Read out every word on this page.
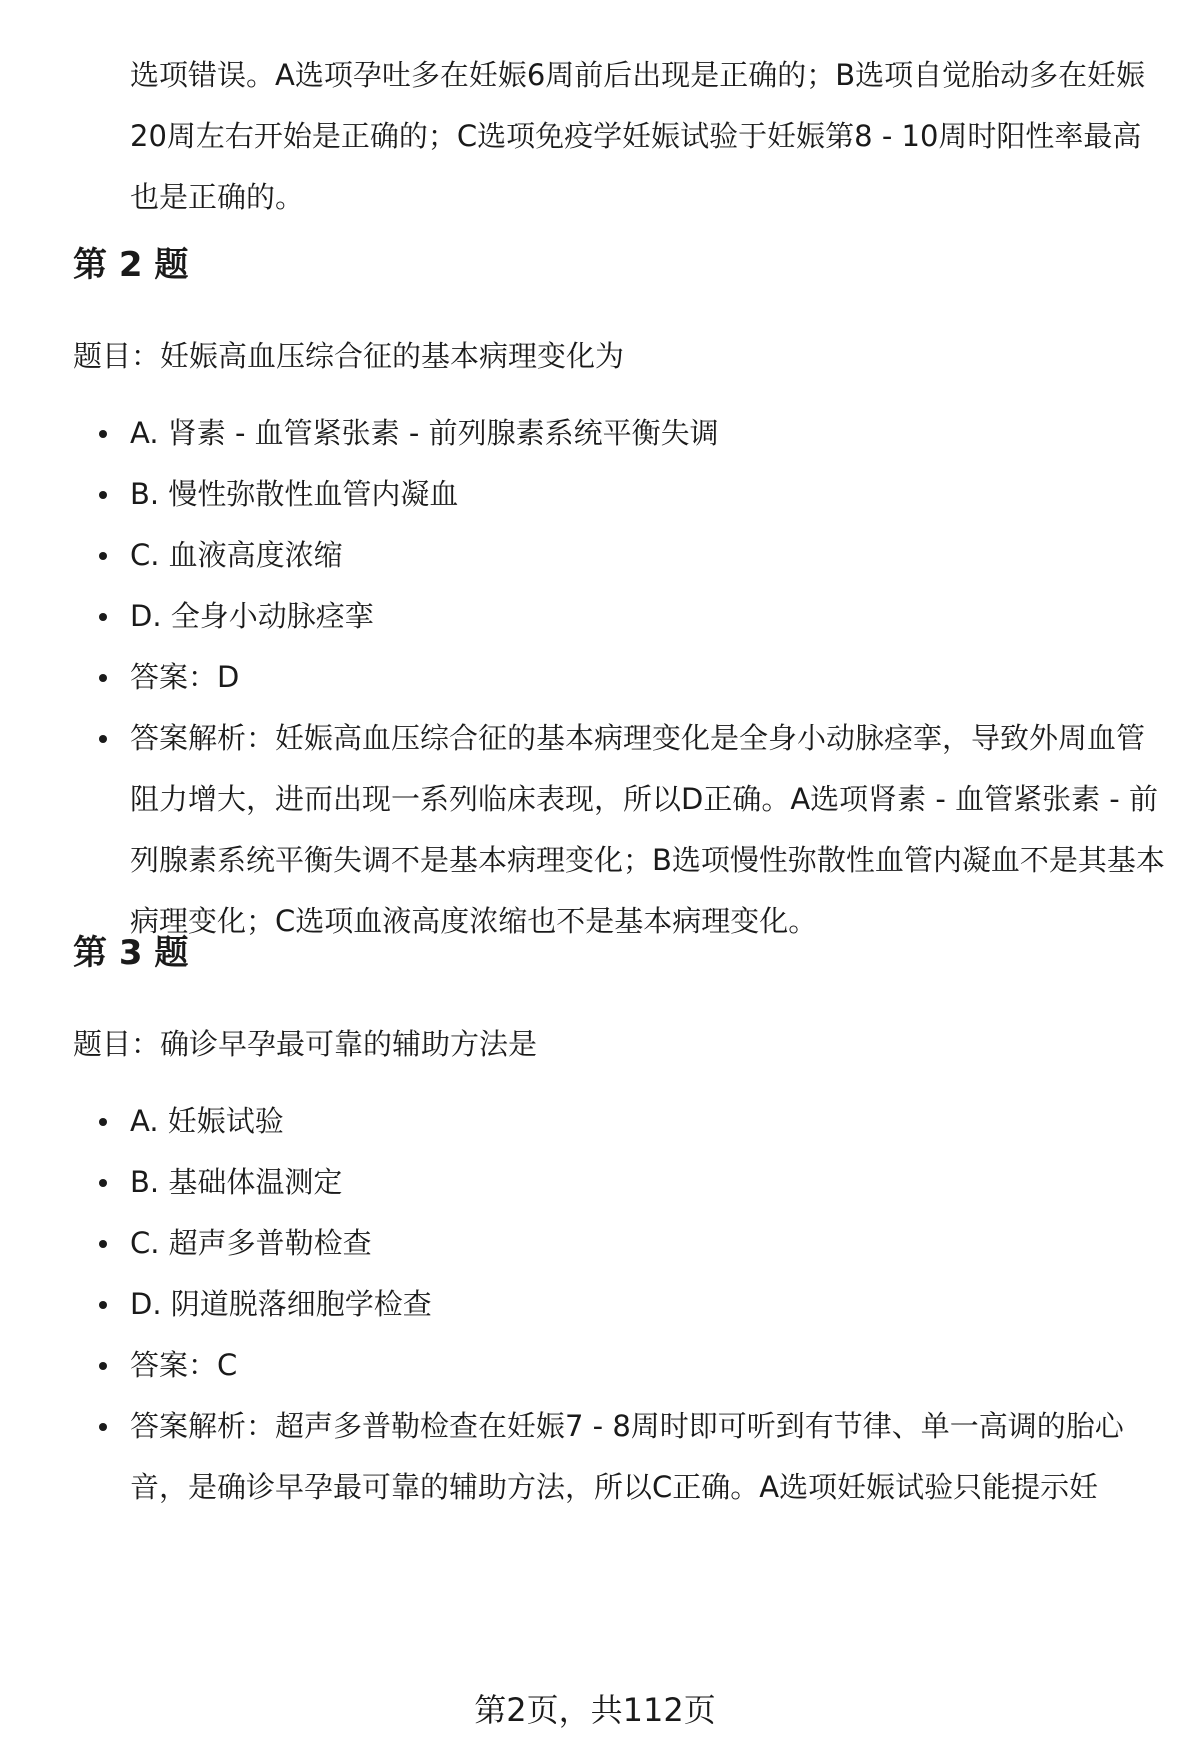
选项错误。A选项孕吐多在妊娠6周前后出现是正确的；B选项自觉胎动多在妊娠20周左右开始是正确的；C选项免疫学妊娠试验于妊娠第8 - 10周时阳性率最高也是正确的。

第 2 题

题目：妊娠高血压综合征的基本病理变化为

A. 肾素 - 血管紧张素 - 前列腺素系统平衡失调
B. 慢性弥散性血管内凝血
C. 血液高度浓缩
D. 全身小动脉痉挛
答案：D
答案解析：妊娠高血压综合征的基本病理变化是全身小动脉痉挛，导致外周血管阻力增大，进而出现一系列临床表现，所以D正确。A选项肾素 - 血管紧张素 - 前列腺素系统平衡失调不是基本病理变化；B选项慢性弥散性血管内凝血不是其基本病理变化；C选项血液高度浓缩也不是基本病理变化。
第 3 题

题目：确诊早孕最可靠的辅助方法是

A. 妊娠试验
B. 基础体温测定
C. 超声多普勒检查
D. 阴道脱落细胞学检查
答案：C
答案解析：超声多普勒检查在妊娠7 - 8周时即可听到有节律、单一高调的胎心音，是确诊早孕最可靠的辅助方法，所以C正确。A选项妊娠试验只能提示妊

第2页，共112页
